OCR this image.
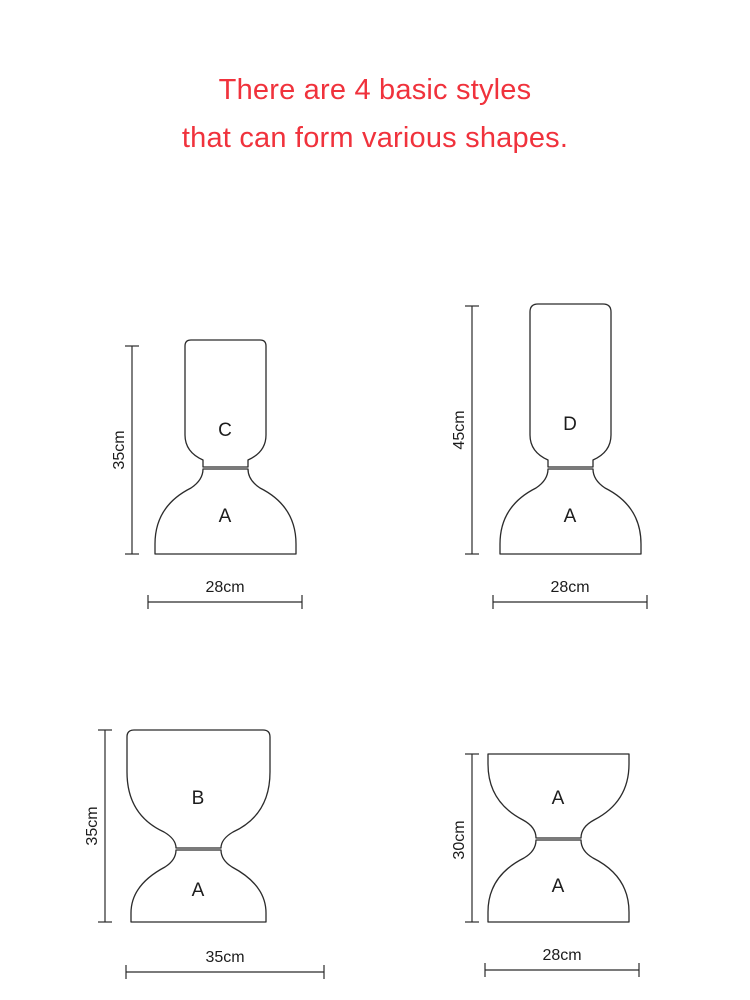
There are 4 basic styles
that can form various shapes.
35cm	C
A
28cm
45cm	D
A
28cm
35cm
B
A
35cm
30cm
A
A
28cm
